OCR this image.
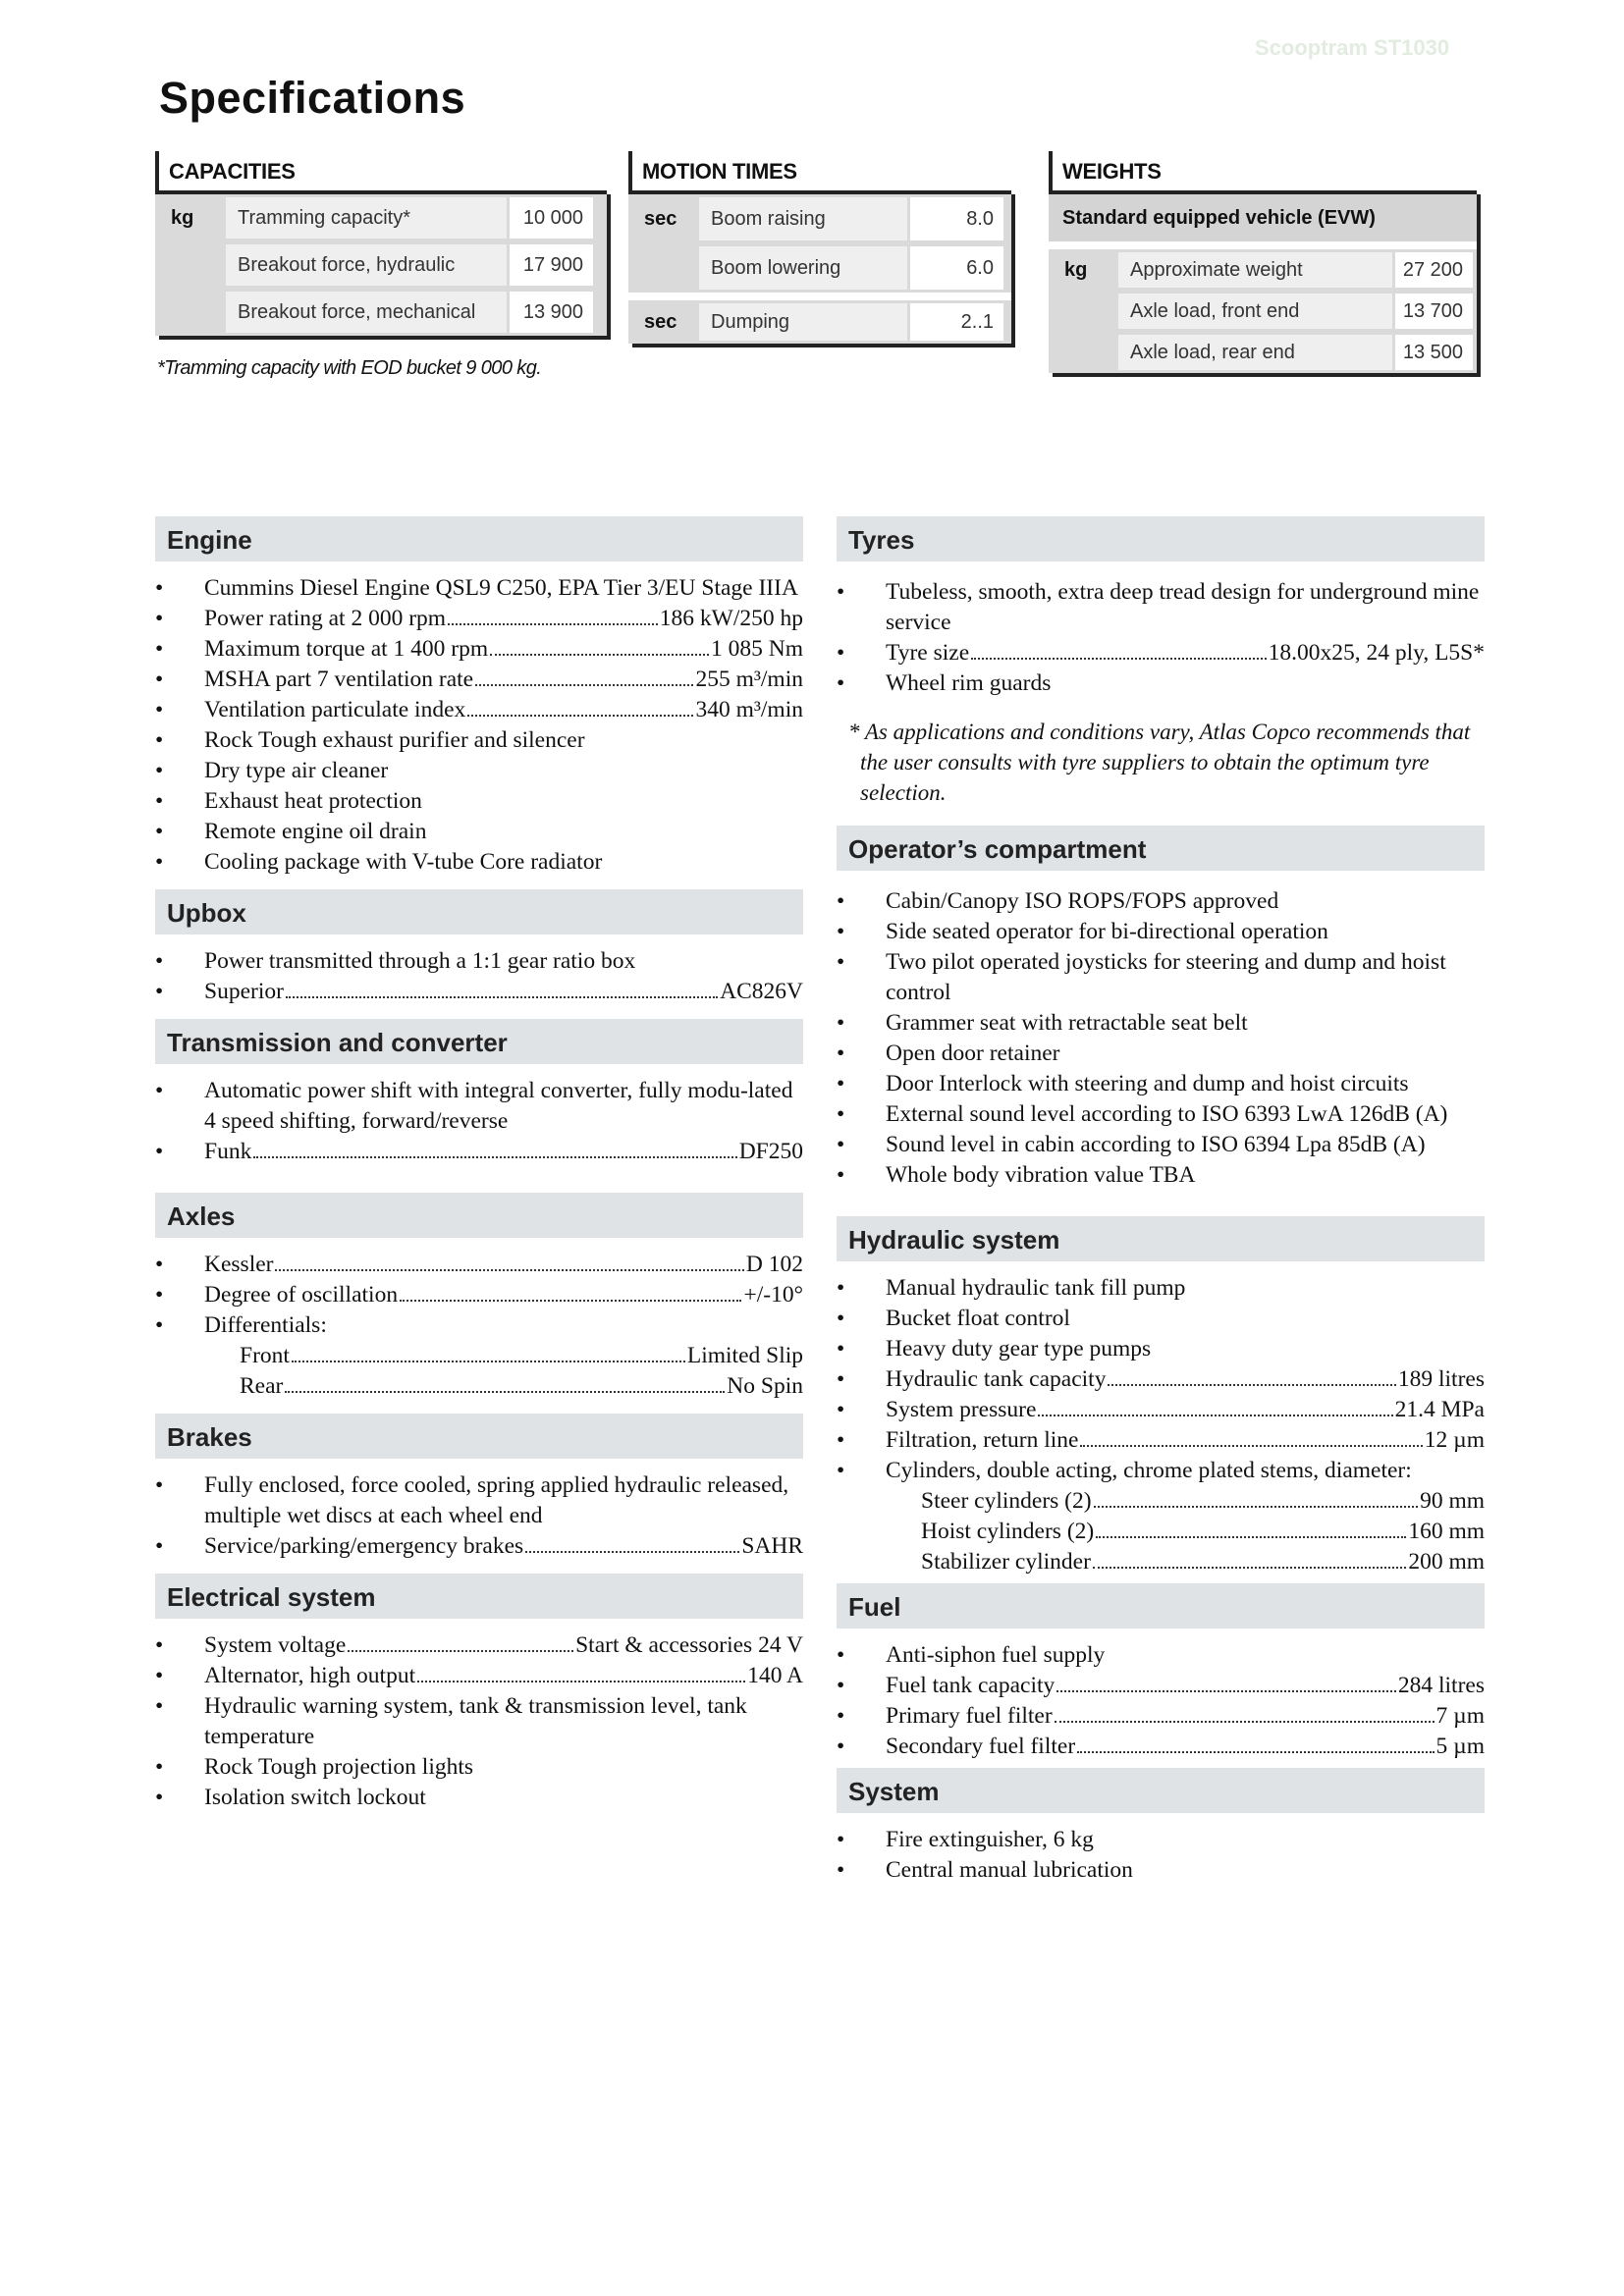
Scooptram ST1030
Specifications
CAPACITIES
kg	Tramming capacity*	10 000
Breakout force, hydraulic	17 900
Breakout force, mechanical	13 900
*Tramming capacity with EOD bucket 9 000 kg.
MOTION TIMES
sec	Boom raising	8.0
Boom lowering	6.0
sec	Dumping	2..1
WEIGHTS
Standard equipped vehicle (EVW)
kg	Approximate weight	27 200
Axle load, front end	13 700
Axle load, rear end	13 500
Engine
• Cummins Diesel Engine QSL9 C250, EPA Tier 3/EU Stage IIIA
• Power rating at 2 000 rpm	186 kW/250 hp
• Maximum torque at 1 400 rpm	1 085 Nm
• MSHA part 7 ventilation rate	255 m³/min
• Ventilation particulate index	340 m³/min
• Rock Tough exhaust purifier and silencer
• Dry type air cleaner
• Exhaust heat protection
• Remote engine oil drain
• Cooling package with V-tube Core radiator
Upbox
• Power transmitted through a 1:1 gear ratio box
• Superior	AC826V
Transmission and converter
• Automatic power shift with integral converter, fully modu-lated 4 speed shifting, forward/reverse
• Funk	DF250
Axles
• Kessler	D 102
• Degree of oscillation	+/-10°
• Differentials:
Front	Limited Slip
Rear	No Spin
Brakes
• Fully enclosed, force cooled, spring applied hydraulic released, multiple wet discs at each wheel end
• Service/parking/emergency brakes	SAHR
Electrical system
• System voltage	Start & accessories 24 V
• Alternator, high output	140 A
• Hydraulic warning system, tank & transmission level, tank temperature
• Rock Tough projection lights
• Isolation switch lockout
Tyres
• Tubeless, smooth, extra deep tread design for underground mine service
• Tyre size	18.00x25, 24 ply, L5S*
• Wheel rim guards
* As applications and conditions vary, Atlas Copco recommends that the user consults with tyre suppliers to obtain the optimum tyre selection.
Operator’s compartment
• Cabin/Canopy ISO ROPS/FOPS approved
• Side seated operator for bi-directional operation
• Two pilot operated joysticks for steering and dump and hoist control
• Grammer seat with retractable seat belt
• Open door retainer
• Door Interlock with steering and dump and hoist circuits
• External sound level according to ISO 6393 LwA 126dB (A)
• Sound level in cabin according to ISO 6394 Lpa 85dB (A)
• Whole body vibration value TBA
Hydraulic system
• Manual hydraulic tank fill pump
• Bucket float control
• Heavy duty gear type pumps
• Hydraulic tank capacity	189 litres
• System pressure	21.4 MPa
• Filtration, return line	12 µm
• Cylinders, double acting, chrome plated stems, diameter:
Steer cylinders (2)	90 mm
Hoist cylinders (2)	160 mm
Stabilizer cylinder	200 mm
Fuel
• Anti-siphon fuel supply
• Fuel tank capacity	284 litres
• Primary fuel filter	7 µm
• Secondary fuel filter	5 µm
System
• Fire extinguisher, 6 kg
• Central manual lubrication
